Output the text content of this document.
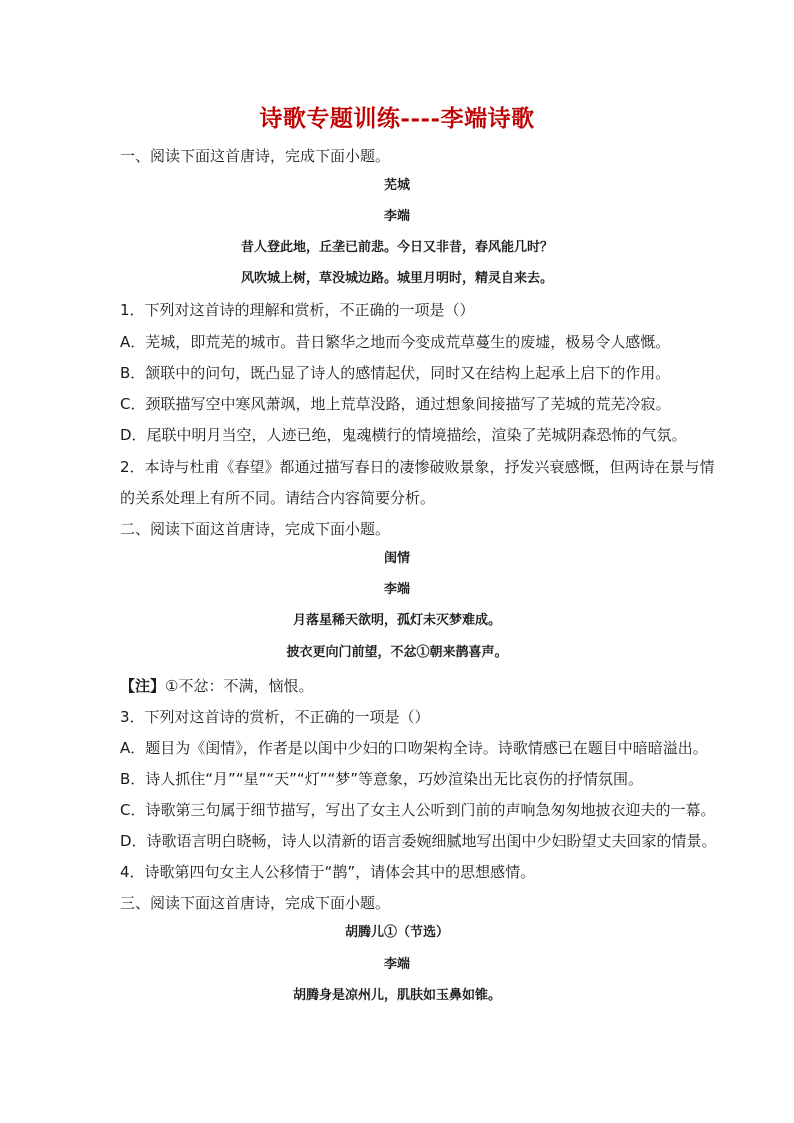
诗歌专题训练----李端诗歌
一、阅读下面这首唐诗，完成下面小题。
芜城
李端
昔人登此地，丘垄已前悲。今日又非昔，春风能几时？
风吹城上树，草没城边路。城里月明时，精灵自来去。
1．下列对这首诗的理解和赏析，不正确的一项是（）
A．芜城，即荒芜的城市。昔日繁华之地而今变成荒草蔓生的废墟，极易令人感慨。
B．颔联中的问句，既凸显了诗人的感情起伏，同时又在结构上起承上启下的作用。
C．颈联描写空中寒风萧飒，地上荒草没路，通过想象间接描写了芜城的荒芜冷寂。
D．尾联中明月当空，人迹已绝，鬼魂横行的情境描绘，渲染了芜城阴森恐怖的气氛。
2．本诗与杜甫《春望》都通过描写春日的凄惨破败景象，抒发兴衰感慨，但两诗在景与情
的关系处理上有所不同。请结合内容简要分析。
二、阅读下面这首唐诗，完成下面小题。
闺情
李端
月落星稀天欲明，孤灯未灭梦难成。
披衣更向门前望，不忿①朝来鹊喜声。
【注】①不忿：不满，恼恨。
3．下列对这首诗的赏析，不正确的一项是（）
A．题目为《闺情》，作者是以闺中少妇的口吻架构全诗。诗歌情感已在题目中暗暗溢出。
B．诗人抓住“月”“星”“天”“灯”“梦”等意象，巧妙渲染出无比哀伤的抒情氛围。
C．诗歌第三句属于细节描写，写出了女主人公听到门前的声响急匆匆地披衣迎夫的一幕。
D．诗歌语言明白晓畅，诗人以清新的语言委婉细腻地写出闺中少妇盼望丈夫回家的情景。
4．诗歌第四句女主人公移情于“鹊”，请体会其中的思想感情。
三、阅读下面这首唐诗，完成下面小题。
胡腾儿①（节选）
李端
胡腾身是凉州儿，肌肤如玉鼻如锥。
